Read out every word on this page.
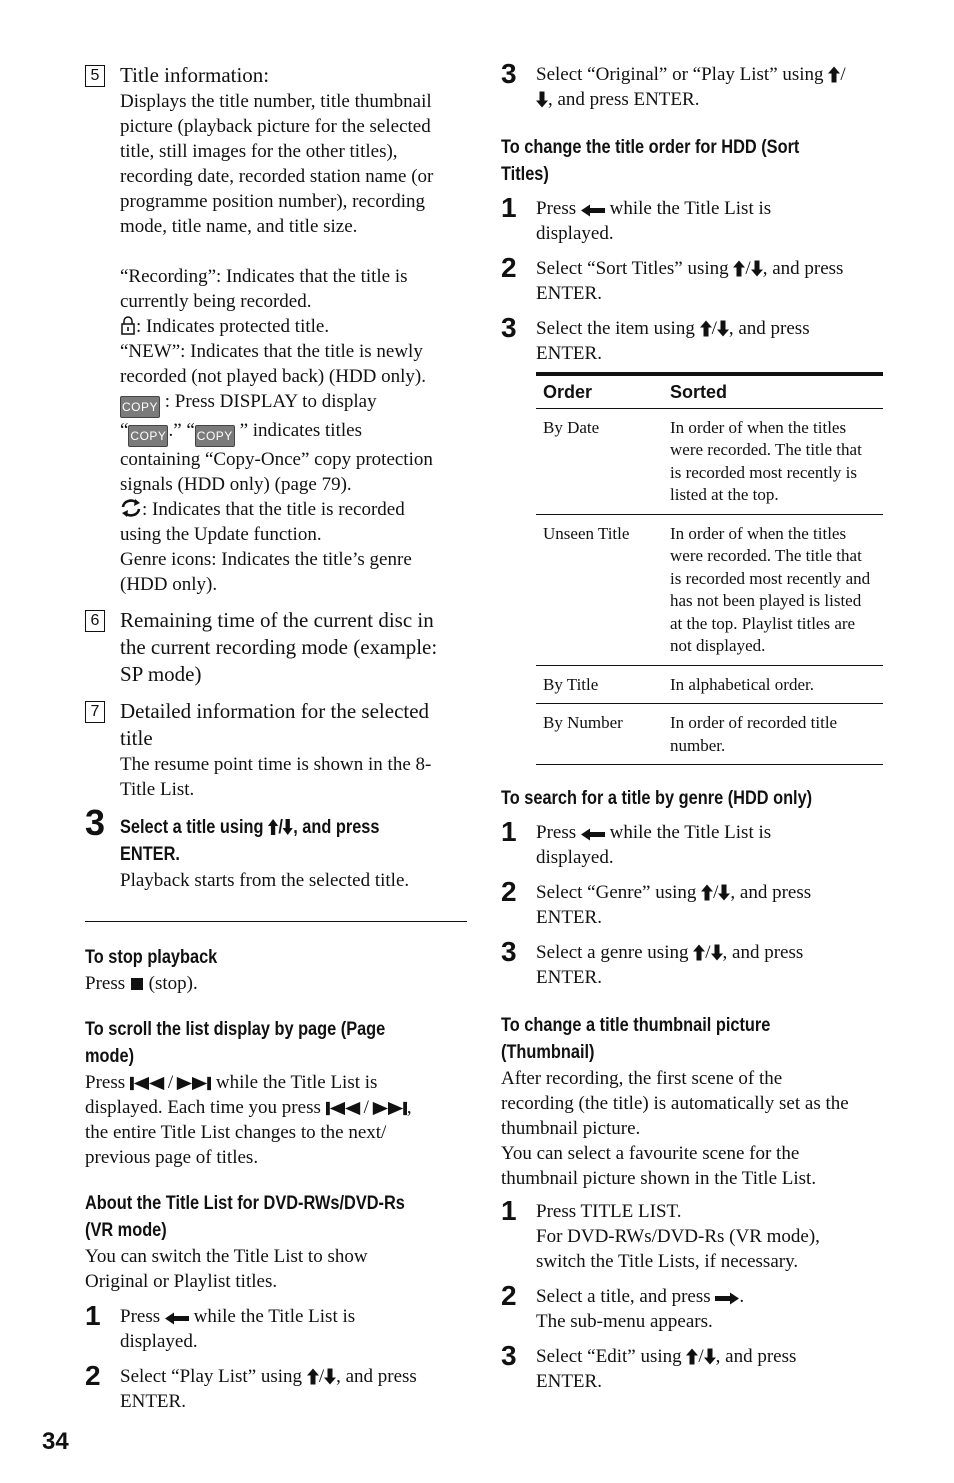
5 Title information:
Displays the title number, title thumbnail
picture (playback picture for the selected
title, still images for the other titles),
recording date, recorded station name (or
programme position number), recording
mode, title name, and title size.
“Recording”: Indicates that the title is
currently being recorded.
: Indicates protected title.
“NEW”: Indicates that the title is newly
recorded (not played back) (HDD only).
COPY : Press DISPLAY to display
“ COPY .” “ COPY ” indicates titles
containing “Copy-Once” copy protection
signals (HDD only) (page 79).
: Indicates that the title is recorded
using the Update function.
Genre icons: Indicates the title’s genre
(HDD only).
6 Remaining time of the current disc in
the current recording mode (example:
SP mode)
7 Detailed information for the selected
title
The resume point time is shown in the 8-
Title List.
3 Select a title using / , and press
ENTER.
Playback starts from the selected title.
To stop playback
Press  (stop).
To scroll the list display by page (Page
mode)
Press / while the Title List is
displayed. Each time you press / ,
the entire Title List changes to the next/
previous page of titles.
About the Title List for DVD-RWs/DVD-Rs
(VR mode)
You can switch the Title List to show
Original or Playlist titles.
1 Press  while the Title List is
displayed.
2 Select “Play List” using / , and press
ENTER.
3 Select “Original” or “Play List” using /
, and press ENTER.
To change the title order for HDD (Sort
Titles)
1 Press  while the Title List is
displayed.
2 Select “Sort Titles” using / , and press
ENTER.
3 Select the item using / , and press
ENTER.
Order	Sorted
By Date	In order of when the titles were recorded. The title that is recorded most recently is listed at the top.
Unseen Title	In order of when the titles were recorded. The title that is recorded most recently and has not been played is listed at the top. Playlist titles are not displayed.
By Title	In alphabetical order.
By Number	In order of recorded title number.
To search for a title by genre (HDD only)
1 Press  while the Title List is
displayed.
2 Select “Genre” using / , and press
ENTER.
3 Select a genre using / , and press
ENTER.
To change a title thumbnail picture
(Thumbnail)
After recording, the first scene of the
recording (the title) is automatically set as the
thumbnail picture.
You can select a favourite scene for the
thumbnail picture shown in the Title List.
1 Press TITLE LIST.
For DVD-RWs/DVD-Rs (VR mode),
switch the Title Lists, if necessary.
2 Select a title, and press .
The sub-menu appears.
3 Select “Edit” using / , and press
ENTER.
34
